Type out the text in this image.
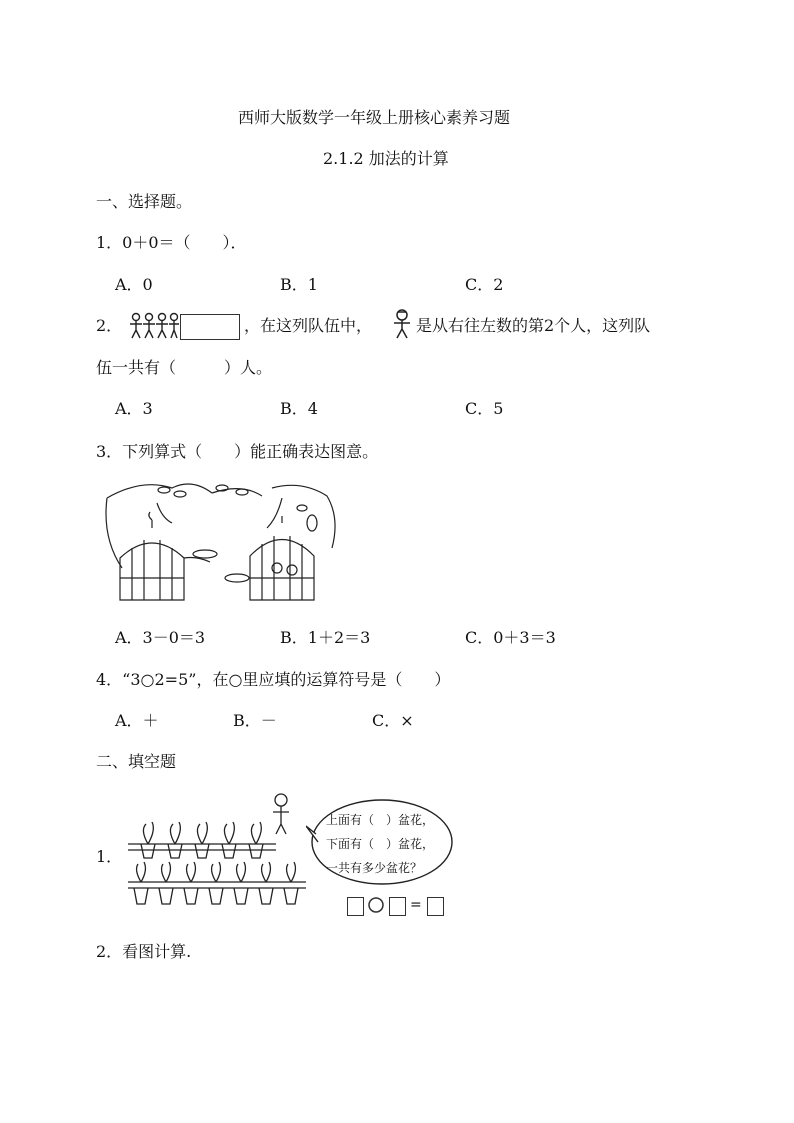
西师大版数学一年级上册核心素养习题
2.1.2 加法的计算
一、选择题。
1．0＋0＝（　　）．
A．0	B．1	C．2
2．	，在这列队伍中，	是从右往左数的第2个人，这列队
伍一共有（　　　）人。
A．3	B．4	C．5
3．下列算式（　　）能正确表达图意。
A．3－0＝3	B．1＋2＝3	C．0＋3＝3
4．“3○2=5”，在○里应填的运算符号是（　　）
A．＋	B．－	C．×
二、填空题
1．
上面有（　）盆花，
下面有（　）盆花，
一共有多少盆花？
=
2．看图计算.
